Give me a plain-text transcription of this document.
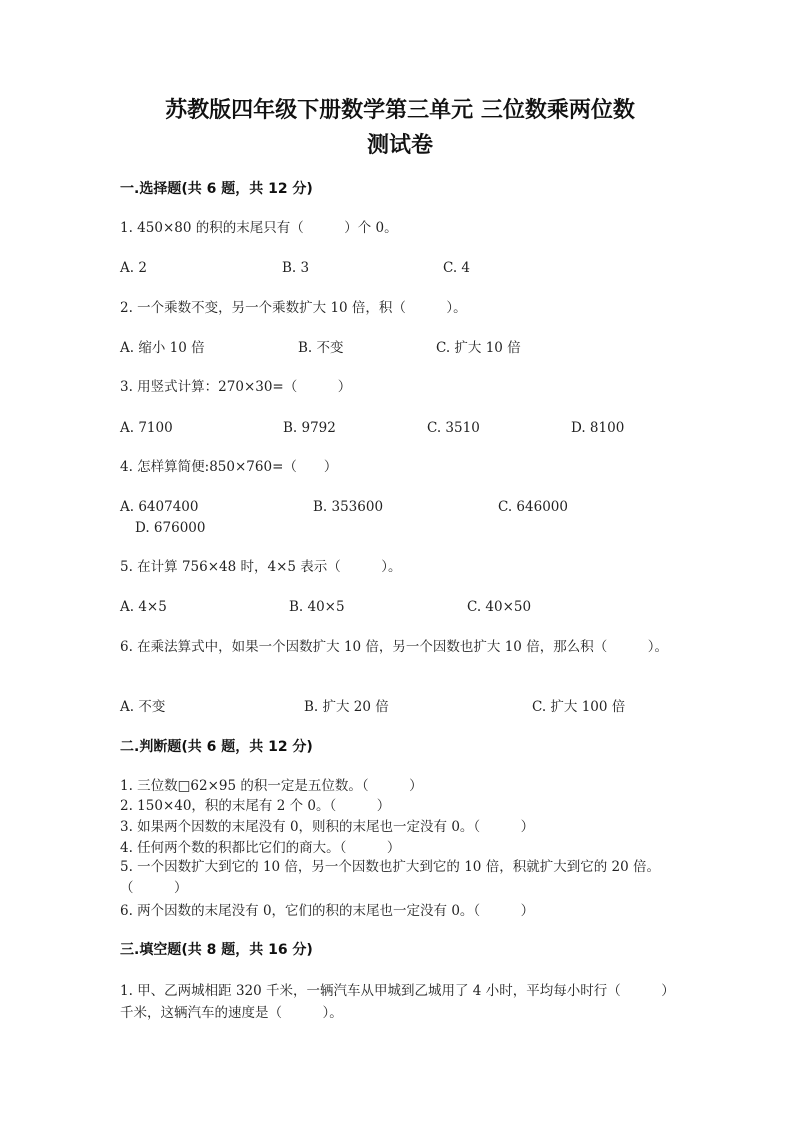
苏教版四年级下册数学第三单元 三位数乘两位数
测试卷
一.选择题(共 6 题，共 12 分)
1. 450×80 的积的末尾只有（　　　）个 0。
A. 2	B. 3	C. 4
2. 一个乘数不变，另一个乘数扩大 10 倍，积（　　　）。
A. 缩小 10 倍	B. 不变	C. 扩大 10 倍
3. 用竖式计算：270×30=（　　　）
A. 7100	B. 9792	C. 3510	D. 8100
4. 怎样算简便:850×760=（　　）
A. 6407400	B. 353600	C. 646000
D. 676000
5. 在计算 756×48 时，4×5 表示（　　　）。
A. 4×5	B. 40×5	C. 40×50
6. 在乘法算式中，如果一个因数扩大 10 倍，另一个因数也扩大 10 倍，那么积（　　　）。
A. 不变	B. 扩大 20 倍	C. 扩大 100 倍
二.判断题(共 6 题，共 12 分)
1. 三位数□62×95 的积一定是五位数。（　　　）
2. 150×40，积的末尾有 2 个 0。（　　　）
3. 如果两个因数的末尾没有 0，则积的末尾也一定没有 0。（　　　）
4. 任何两个数的积都比它们的商大。（　　　）
5. 一个因数扩大到它的 10 倍，另一个因数也扩大到它的 10 倍，积就扩大到它的 20 倍。（　　　）
6. 两个因数的末尾没有 0，它们的积的末尾也一定没有 0。（　　　）
三.填空题(共 8 题，共 16 分)
1. 甲、乙两城相距 320 千米，一辆汽车从甲城到乙城用了 4 小时，平均每小时行（　　　）千米，这辆汽车的速度是（　　　）。
